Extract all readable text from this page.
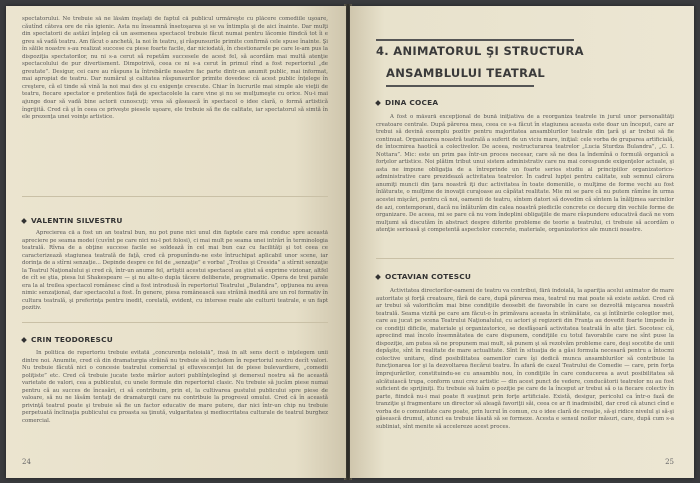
spectatorului. Ne trebuie să ne lăsăm înşelaţi de faptul că publicul urmăreşte cu plăcere comediile uşoare, căutînd câteva ore de râs igienic. Asta nu înseamnă însetoşarea şi se va întimpla şi de aici înainte. Dar mulţi din spectatorii de astăzi înţeleg că un asemenea spectacol trebuie făcut numai pentru lăcomie fiindcă tot îi e greu să vadă teatru. Am făcut o anchetă, la noi în teatru, şi răspunsurile primite confirmă cele spuse înainte. Şi în sălile noastre s-au realizat succese cu piese foarte facile, dar niciodată, în chestionarele pe care le-am pus la dispoziţia spectatorilor, nu ni s-a cerut să repetăm succesele de acest fel, să acordăm mai multă atenţie spectacolului de pur divertisment. Dimpotrivă, ceea ce ni s-a cerut în primul rînd a fost repertoriul „de greutate”. Desigur, cei care au răspuns la întrebările noastre fac parte dintr-un anumit public, mai informat, mai apropiat de teatru. Dar numărul şi calitatea răspunsurilor primite dovedesc că acest public înţelege în creştere, că el tinde să vină la noi mai des şi cu exigenţe crescute. Chiar în lucrurile mai simple ale vieţii de teatru, fiecare spectator e pretentios faţă de spectacolele la care vine şi nu se mulţumeşte cu orice. Nu-i mai ajunge doar să vadă bine actorii cunoscuţi; vrea să găsească în spectacol o idee clară, o formă artistică îngrijită. Cred că şi în ceea ce priveşte piesele uşoare, ele trebuie să fie de calitate, iar spectatorul să simtă în ele prezenţa unei voinţe artistice.

VALENTIN SILVESTRU

Aprecierea că a fost un an teatral bun, nu pot pune nici unul din faptele care mă conduc spre această apreciere pe seama modei (cuvînt pe care nici nu-l pot folosi), ci mai mult pe seama unei intrări în terminologia teatrală. Rîvna de a obţine succese facile se soldează în cel mai bun caz cu facilităţi şi tot ceea ce caracterizează stagiunea teatrală de faţă, cred că propunîndu-ne este întruchipat aplicabil unor scene, iar dorinţa de a stîrni senzaţie... Depinde despre ce fel de „senzaţie” e vorba! „Troilus şi Cresida” a stîrnit senzaţie la Teatrul Naţionalului şi cred că, într-un anume fel, artiştii acestui spectacol au ştiut să exprime vizionar, altfel de cît se ştia, piesa lui Shakespeare — şi nu alte-o dupla tăcere deliberate, programatic. Opera de trei parale era la al treilea spectacol românesc cînd a fost introdusă în repertoriul Teatrului „Bulandra”, opţiunea nu avea nimic senzaţional, dar spectacolul a fost. În genere, piesa românească sau străină inedită are un rol formativ în cultura teatrală, şi preferinţa pentru inedit, corelată, evident, cu interese reale ale culturii teatrale, e un fapt pozitiv.

CRIN TEODORESCU

În politica de repertoriu trebuie evitată „concurenţa neloială”, însă în alt sens decît o înţelegem unii dintre noi. Anumite, cred că din dramaturgia străină nu trebuie să includem în repertoriul nostru decît valori. Nu trebuie făcută nici o concesie teatrului comercial şi efluvescenţei lui de piese bulevardiere, „comedii poliţiste” etc. Cred că trebuie jucate texte mărlor autori publiînţelegînd şi demersul nostru să fie această varietate de valori, cea a publicului, cu unele formule din repertoriul clasic. Nu trebuie să jucăm piese numai pentru că au succes de încasări, ci să contribuim, prin el, la cultivarea gustului publicului spre piese de valoare, să nu ne lăsăm tentaţi de dramaturgii care nu contribuie la progresul omului. Cred că în această privinţă teatrul poate şi trebuie să fie un factor educativ de mare putere, dar nici într-un chip nu trebuie perpetuată înclinaţia publicului cu proasta sa ţinută, vulgaritatea şi mediocritatea culturale de teatrul burghez comercial.

24
4. ANIMATORUL ŞI STRUCTURA
ANSAMBLULUI TEATRAL
DINA COCEA

A fost o măsură excepţional de bună iniţiativa de a reorganiza teatrele în jurul unor personalităţi creatoare centrale. După părerea mea, ceea ce s-a făcut în stagiunea aceasta este doar un început, care ar trebui să devină exemplu pozitiv pentru majoritatea ansamblurilor teatrale din ţară şi ar trebui să fie continuat. Organizarea noastră teatrală a suferit de un viciu mare, iniţial: cele vorba de gruparea artificială, de întocmirea haotică a colectivelor. De aceea, restructurarea teatrelor „Lucia Sturdza Bulandra”, „C. I. Nottara”. Mic: este un prim pas într-un proces necesar, care să ne dea la îndemînă o formulă organică a forţelor artistice. Noi plătim tribut unui sistem administrativ care nu mai corespunde exigenţelor actuale, şi asta ne impune obligaţia de a întreprinde un foarte serios studiu al principiilor organizatorico-administrative care prezidează activitatea teatrelor. În cadrul lupţei pentru calitate, sub semnul cărora anumiţi muncii din ţara noastră iţi duc activitatea în toate domeniile, o mulţime de forme vechi au fost înlăturate, o mulţime de inovaţii curajoase au căpătat realitate. Mie mi se pare că nu putem rămîne în urma acestei mişcări, pentru că noi, oamenii de teatru, sîntem datori să dovedim că sîntem la înălţimea sarcinilor de azi, contemporani, dacă nu înlăturăm din calea noastră piedicile concrete ce decurg din vechile forme de organizare. De aceea, mi se pare că nu vom îndeplini obligaţiile de mare răspundere educativă dacă ne vom mulţumi să discutăm în abstract despre diferite probleme de teorie a teatrului, ci trebuie să acordăm o atenţie serioasă şi competentă aspectelor concrete, materiale, organizatorice ale muncii noastre.

OCTAVIAN COTESCU

Activitatea directorilor-oameni de teatru va contribui, fără îndoială, la apariţia acelui animator de mare autoritate şi forţă creatoare, fără de care, după părerea mea, teatrul nu mai poate să existe astăzi. Cred că ar trebui să valorificăm mai bine condiţiile deosebit de favorabile în care se dezvoltă mişcarea noastră teatrală. Seama vizită pe care am făcut-o în primăvara aceasta în străinătate, ca şi întîlnirile colegilor mei, care au jucat pe scena Teatrului Naţionalului, cu actori şi regizorii din Franţa au dovedit foarte limpede în ce condiţii dificile, materiale şi organizatorice, se desfăşoară activitatea teatrală în alte ţări. Socotesc că, apreciind mai încolo însemnătatea de care dispunem, condiţiile cu totul favorabile care ne sînt puse la dispoziţie, am putea să ne propunem mai mult, să punem şi să rezolvăm probleme care, deşi socotite de unii depăşite, sînt în realitate de mare actualitate. Sînt în situaţia de a găsi formula necesară pentru a întocmi colective unitare, dînd posibilitatea oamenilor care îşi dedică munca ansamblurilor să contribuie la funcţionarea lor şi la dezvoltarea fiecărui teatru. În afară de cazul Teatrului de Comedie — care, prin forţa împrejurărilor, constituindu-se cu ansamblu nou, în condiţiile în care conducerea a avut posibilitatea să alcătuiască trupa, conform unui crez artistic — din acest punct de vedere, conducătorii teatrelor nu au fost suficient de sprijiniţi. Eu trebuie să luăm o poziţie pe care de la început ar trebui să o ia fiecare colectiv în parte, fiindcă nu-i mai poate fi susţinut prin forţe artificiale. Există, desigur, pericolul ca într-o fază de tranziţie şi fragmentare un director să aleagă favoriţii săi, ceea ce ar fi inadmisibil, dar cred că atunci cînd e vorba de o comunitate care poate, prin lucrul în comun, cu o idee clară de creaţie, să-şi ridice nivelul şi să-şi găsească drumul, atunci ea trebuie lăsată să se formeze. Acesta e sensul noilor măsuri, care, după cum s-a subliniat, sînt menite să accelereze acest proces.

25
